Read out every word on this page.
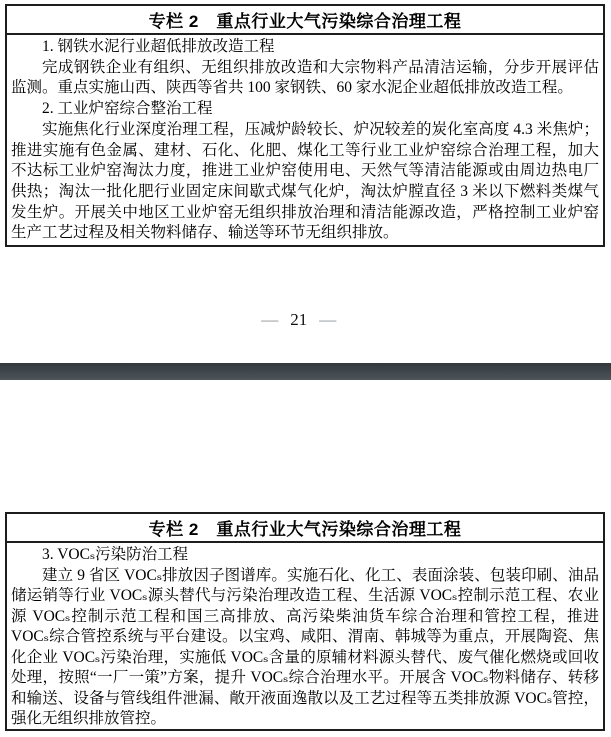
专栏 2　重点行业大气污染综合治理工程

1. 钢铁水泥行业超低排放改造工程

完成钢铁企业有组织、无组织排放改造和大宗物料产品清洁运输，分步开展评估监测。重点实施山西、陕西等省共 100 家钢铁、60 家水泥企业超低排放改造工程。

2. 工业炉窑综合整治工程

实施焦化行业深度治理工程，压减炉龄较长、炉况较差的炭化室高度 4.3 米焦炉；推进实施有色金属、建材、石化、化肥、煤化工等行业工业炉窑综合治理工程，加大不达标工业炉窑淘汰力度，推进工业炉窑使用电、天然气等清洁能源或由周边热电厂供热；淘汰一批化肥行业固定床间歇式煤气化炉，淘汰炉膛直径 3 米以下燃料类煤气发生炉。开展关中地区工业炉窑无组织排放治理和清洁能源改造，严格控制工业炉窑生产工艺过程及相关物料储存、输送等环节无组织排放。

— 21 —

专栏 2　重点行业大气污染综合治理工程

3. VOCₛ污染防治工程

建立 9 省区 VOCₛ排放因子图谱库。实施石化、化工、表面涂装、包装印刷、油品储运销等行业 VOCₛ源头替代与污染治理改造工程、生活源 VOCₛ控制示范工程、农业源 VOCₛ控制示范工程和国三高排放、高污染柴油货车综合治理和管控工程，推进 VOCₛ综合管控系统与平台建设。以宝鸡、咸阳、渭南、韩城等为重点，开展陶瓷、焦化企业 VOCₛ污染治理，实施低 VOCₛ含量的原辅材料源头替代、废气催化燃烧或回收处理，按照“一厂一策”方案，提升 VOCₛ综合治理水平。开展含 VOCₛ物料储存、转移和输送、设备与管线组件泄漏、敞开液面逸散以及工艺过程等五类排放源 VOCₛ管控，强化无组织排放管控。
